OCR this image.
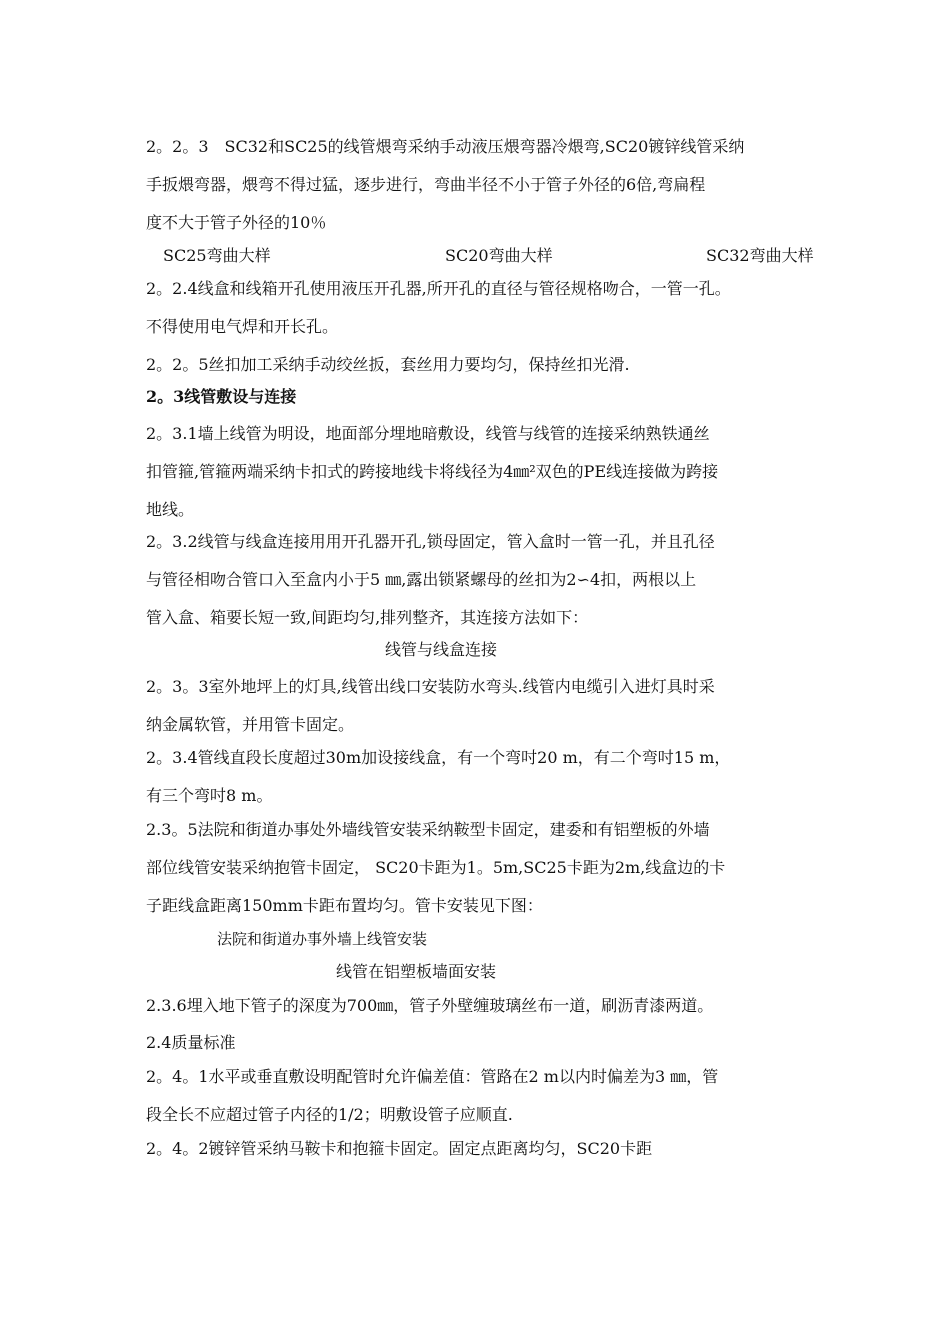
2。2。3　SC32和SC25的线管煨弯采纳手动液压煨弯器冷煨弯,SC20镀锌线管采纳
手扳煨弯器，煨弯不得过猛，逐步进行，弯曲半径不小于管子外径的6倍,弯扁程
度不大于管子外径的10％
SC25弯曲大样	SC20弯曲大样	SC32弯曲大样
2。2.4线盒和线箱开孔使用液压开孔器,所开孔的直径与管径规格吻合，一管一孔。
不得使用电气焊和开长孔。
2。2。5丝扣加工采纳手动绞丝扳，套丝用力要均匀，保持丝扣光滑.
2。3线管敷设与连接
2。3.1墙上线管为明设，地面部分埋地暗敷设，线管与线管的连接采纳熟铁通丝
扣管箍,管箍两端采纳卡扣式的跨接地线卡将线径为4㎜²双色的PE线连接做为跨接
地线。
2。3.2线管与线盒连接用用开孔器开孔,锁母固定，管入盒时一管一孔，并且孔径
与管径相吻合管口入至盒内小于5 ㎜,露出锁紧螺母的丝扣为2∽4扣，两根以上
管入盒、箱要长短一致,间距均匀,排列整齐，其连接方法如下：
线管与线盒连接
2。3。3室外地坪上的灯具,线管出线口安装防水弯头.线管内电缆引入进灯具时采
纳金属软管，并用管卡固定。
2。3.4管线直段长度超过30m加设接线盒，有一个弯吋20 m，有二个弯吋15 m，
有三个弯吋8 m。
2.3。5法院和街道办事处外墙线管安装采纳鞍型卡固定，建委和有铝塑板的外墙
部位线管安装采纳抱管卡固定， SC20卡距为1。5m,SC25卡距为2m,线盒边的卡
子距线盒距离150mm卡距布置均匀。管卡安装见下图：
法院和街道办事外墙上线管安装
线管在铝塑板墙面安装
2.3.6埋入地下管子的深度为700㎜，管子外壁缠玻璃丝布一道，刷沥青漆两道。
2.4质量标准
2。4。1水平或垂直敷设明配管时允许偏差值：管路在2 m以内时偏差为3 ㎜，管
段全长不应超过管子内径的1/2；明敷设管子应顺直.
2。4。2镀锌管采纳马鞍卡和抱箍卡固定。固定点距离均匀，SC20卡距
